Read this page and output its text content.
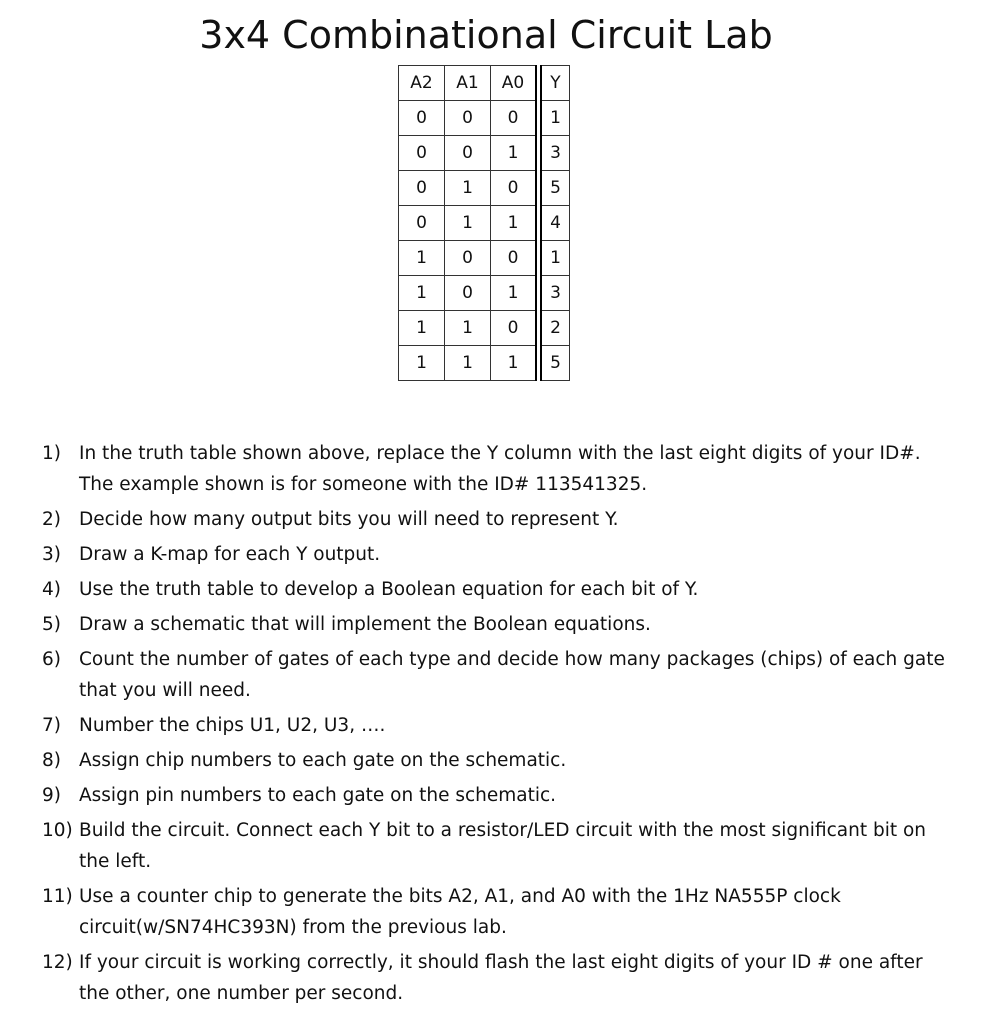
3x4 Combinational Circuit Lab
A2	A1	A0	Y
0	0	0	1
0	0	1	3
0	1	0	5
0	1	1	4
1	0	0	1
1	0	1	3
1	1	0	2
1	1	1	5
1) In the truth table shown above, replace the Y column with the last eight digits of your ID#. The example shown is for someone with the ID# 113541325.
2) Decide how many output bits you will need to represent Y.
3) Draw a K-map for each Y output.
4) Use the truth table to develop a Boolean equation for each bit of Y.
5) Draw a schematic that will implement the Boolean equations.
6) Count the number of gates of each type and decide how many packages (chips) of each gate that you will need.
7) Number the chips U1, U2, U3, ….
8) Assign chip numbers to each gate on the schematic.
9) Assign pin numbers to each gate on the schematic.
10) Build the circuit. Connect each Y bit to a resistor/LED circuit with the most significant bit on the left.
11) Use a counter chip to generate the bits A2, A1, and A0 with the 1Hz NA555P clock circuit(w/SN74HC393N) from the previous lab.
12) If your circuit is working correctly, it should flash the last eight digits of your ID # one after the other, one number per second.
